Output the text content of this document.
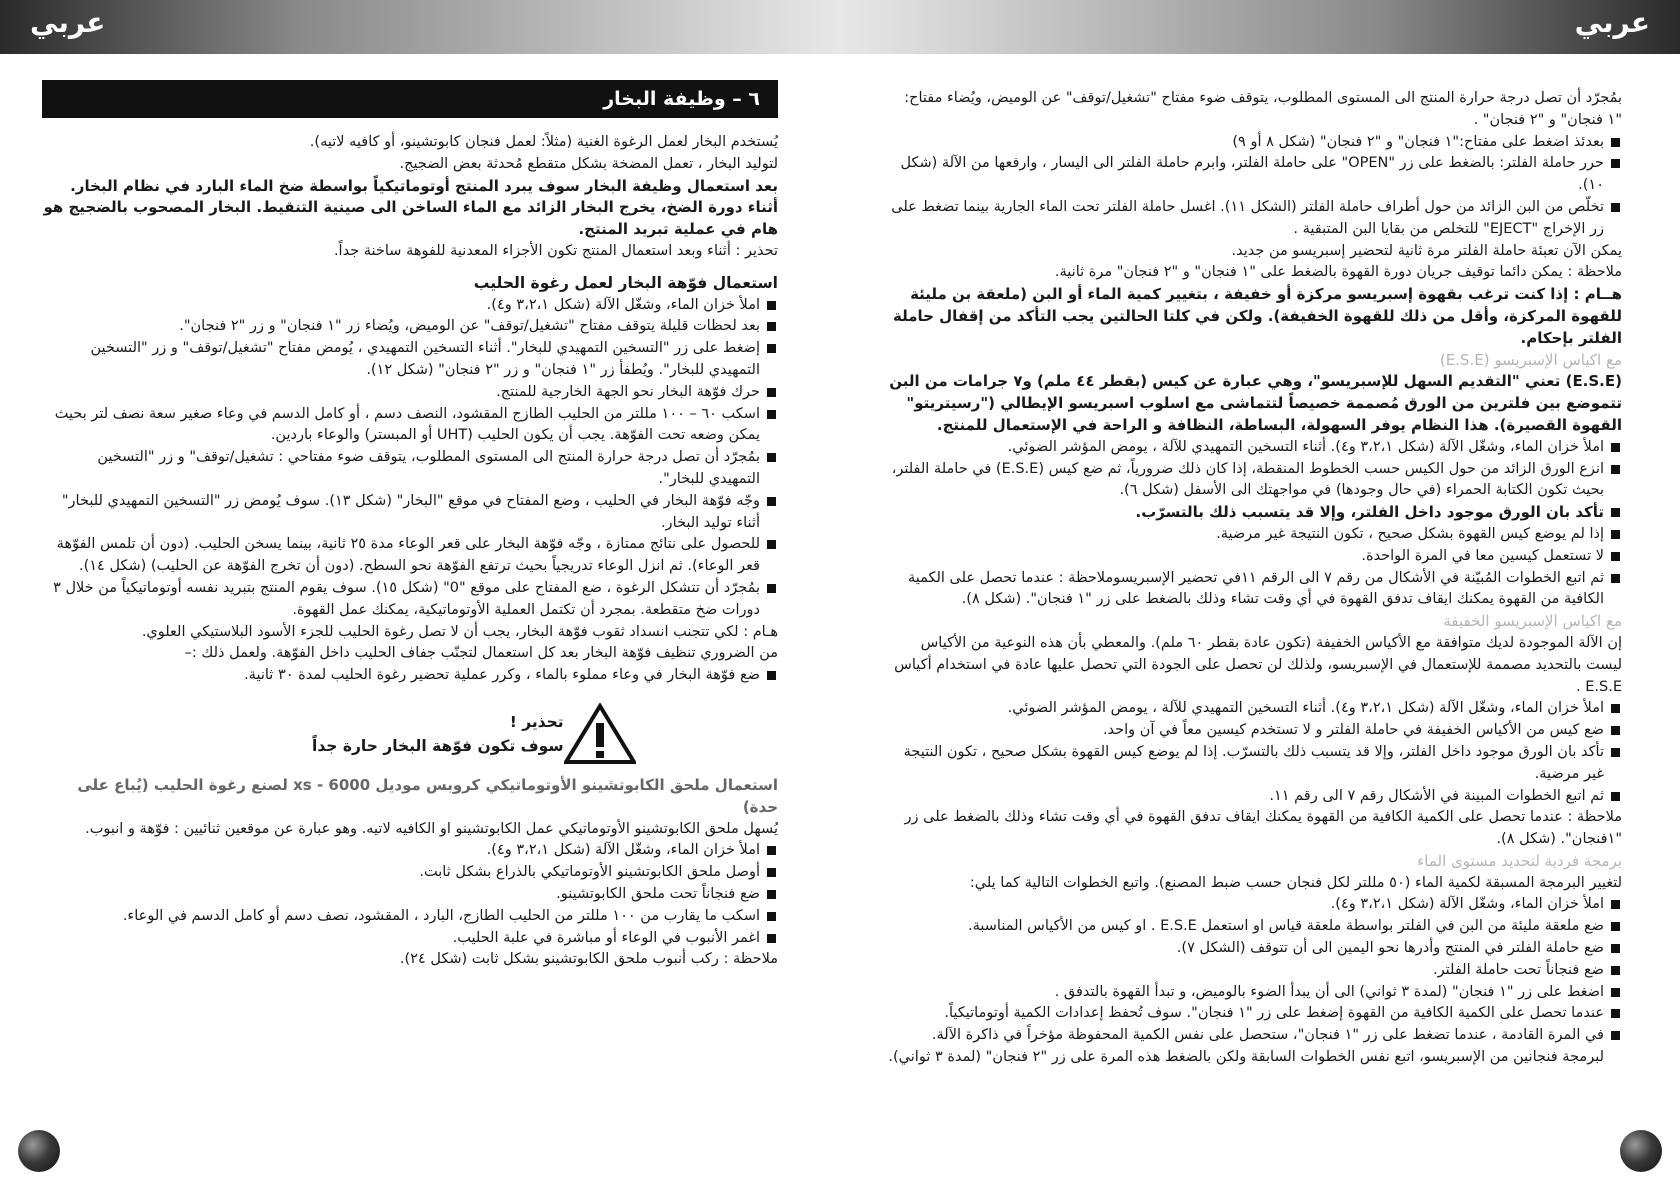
عربي	عربي
٦ – وظيفة البخار

يُستخدم البخار لعمل الرغوة الغنية (مثلاً: لعمل فنجان كابوتشينو، أو كافيه لاتيه).

لتوليد البخار ، تعمل المضخة بشكل متقطع مُحدثة بعض الضجيج.

بعد استعمال وظيفة البخار سوف يبرد المنتج أوتوماتيكياً بواسطة ضخ الماء البارد في نظام البخار. أثناء دورة الضخ، يخرج البخار الزائد مع الماء الساخن الى صينية التنقيط. البخار المصحوب بالضجيج هو هام في عملية تبريد المنتج.

تحذير : أثناء وبعد استعمال المنتج تكون الأجزاء المعدنية للفوهة ساخنة جداً.

استعمال فوّهة البخار لعمل رغوة الحليب

املأ خزان الماء، وشغّل الآلة (شكل ٣،٢،١ و٤).

بعد لحظات قليلة يتوقف مفتاح "تشغيل/توقف" عن الوميض، ويُضاء زر "١ فنجان" و زر "٢ فنجان".

إضغط على زر "التسخين التمهيدي للبخار". أثناء التسخين التمهيدي ، يُومض مفتاح "تشغيل/توقف" و زر "التسخين التمهيدي للبخار". ويُطفأ زر "١ فنجان" و زر "٢ فنجان" (شكل ١٢).

حرك فوّهة البخار نحو الجهة الخارجية للمنتج.

اسكب ٦٠ – ١٠٠ مللتر من الحليب الطازج المقشود، النصف دسم ، أو كامل الدسم في وعاء صغير سعة نصف لتر بحيث يمكن وضعه تحت الفوّهة. يجب أن يكون الحليب (UHT أو المبستر) والوعاء باردين.

بمُجرّد أن تصل درجة حرارة المنتج الى المستوى المطلوب، يتوقف ضوء مفتاحي : تشغيل/توقف" و زر "التسخين التمهيدي للبخار".

وجّه فوّهة البخار في الحليب ، وضع المفتاح في موقع "البخار" (شكل ١٣). سوف يُومض زر "التسخين التمهيدي للبخار" أثناء توليد البخار.

للحصول على نتائج ممتازة ، وجّه فوّهة البخار على قعر الوعاء مدة ٢٥ ثانية، بينما يسخن الحليب. (دون أن تلمس الفوّهة قعر الوعاء). ثم انزل الوعاء تدريجياً بحيث ترتفع الفوّهة نحو السطح. (دون أن تخرج الفوّهة عن الحليب) (شكل ١٤).

بمُجرّد أن تتشكل الرغوة ، ضع المفتاح على موقع "0" (شكل ١٥). سوف يقوم المنتج بتبريد نفسه أوتوماتيكياً من خلال ٣ دورات ضخ متقطعة. بمجرد أن تكتمل العملية الأوتوماتيكية، يمكنك عمل القهوة.

هـام : لكي تتجنب انسداد ثقوب فوّهة البخار، يجب أن لا تصل رغوة الحليب للجزء الأسود البلاستيكي العلوي.

من الضروري تنظيف فوّهة البخار بعد كل استعمال لتجنّب جفاف الحليب داخل الفوّهة. ولعمل ذلك :–

ضع فوّهة البخار في وعاء مملوء بالماء ، وكرر عملية تحضير رغوة الحليب لمدة ٣٠ ثانية.

تحذير !
سوف تكون فوّهة البخار حارة جداً

استعمال ملحق الكابوتشينو الأوتوماتيكي كروبس موديل xs - 6000 لصنع رغوة الحليب (يُباع على حدة)

يُسهل ملحق الكابوتشينو الأوتوماتيكي عمل الكابوتشينو او الكافيه لاتيه. وهو عبارة عن موقعين ثنائيين : فوّهة و انبوب.

املأ خزان الماء، وشغّل الآلة (شكل ٣،٢،١ و٤).

أوصل ملحق الكابوتشينو الأوتوماتيكي بالذراع بشكل ثابت.

ضع فنجاناً تحت ملحق الكابوتشينو.

اسكب ما يقارب من ١٠٠ مللتر من الحليب الطازج، البارد ، المقشود، نصف دسم أو كامل الدسم في الوعاء.

اغمر الأنبوب في الوعاء أو مباشرة في علبة الحليب.

ملاحظة : ركب أنبوب ملحق الكابوتشينو بشكل ثابت (شكل ٢٤).

بمُجرّد أن تصل درجة حرارة المنتج الى المستوى المطلوب، يتوقف ضوء مفتاح "تشغيل/توقف" عن الوميض، ويُضاء مفتاح: "١ فنجان" و "٢ فنجان" .

بعدئذ اضغط على مفتاح:"١ فنجان" و "٢ فنجان" (شكل ٨ أو ٩)

حرر حاملة الفلتر: بالضغط على زر "OPEN" على حاملة الفلتر، وابرم حاملة الفلتر الى اليسار ، وارفعها من الآلة (شكل ١٠).

تخلّص من البن الزائد من حول أطراف حاملة الفلتر (الشكل ١١). اغسل حاملة الفلتر تحت الماء الجارية بينما تضغط على زر الإخراج "EJECT" للتخلص من بقايا البن المتبقية .

يمكن الآن تعبئة حاملة الفلتر مرة ثانية لتحضير إسبريسو من جديد.

ملاحظة : يمكن دائما توقيف جريان دورة القهوة بالضغط على "١ فنجان" و "٢ فنجان" مرة ثانية.

هــام : إذا كنت ترغب بقهوة إسبريسو مركزة أو خفيفة ، بتغيير كمية الماء أو البن (ملعقة بن مليئة للقهوة المركزة، وأقل من ذلك للقهوة الخفيفة). ولكن في كلتا الحالتين يجب التأكد من إقفال حاملة الفلتر بإحكام.

مع اكياس الإسبريسو (E.S.E)

(E.S.E) تعني "التقديم السهل للإسبريسو"، وهي عبارة عن كيس (بقطر ٤٤ ملم) و٧ جرامات من البن تتموضع بين فلترين من الورق مُصممة خصيصاً لتتماشى مع اسلوب اسبريسو الإيطالي ("رسيتريتو" القهوة القصيرة). هذا النظام يوفر السهولة، البساطة، النظافة و الراحة في الإستعمال للمنتج.

املأ خزان الماء، وشغّل الآلة (شكل ٣،٢،١ و٤). أثناء التسخين التمهيدي للآلة ، يومض المؤشر الضوئي.

انزع الورق الزائد من حول الكيس حسب الخطوط المنقطة، إذا كان ذلك ضرورياً، ثم ضع كيس (E.S.E) في حاملة الفلتر، بحيث تكون الكتابة الحمراء (في حال وجودها) في مواجهتك الى الأسفل (شكل ٦).

تأكد بان الورق موجود داخل الفلتر، وإلا قد يتسبب ذلك بالتسرّب.

إذا لم يوضع كيس القهوة بشكل صحيح ، تكون النتيجة غير مرضية.

لا تستعمل كيسين معا في المرة الواحدة.

ثم اتبع الخطوات المُبيّنة في الأشكال من رقم ٧ الى الرقم ١١في تحضير الإسبريسوملاحظة : عندما تحصل على الكمية الكافية من القهوة يمكنك ايقاف تدفق القهوة في أي وقت تشاء وذلك بالضغط على زر "١ فنجان". (شكل ٨).

مع اكياس الإسبريسو الخفيفة

إن الآلة الموجودة لديك متوافقة مع الأكياس الخفيفة (تكون عادة بقطر ٦٠ ملم). والمعطي بأن هذه النوعية من الأكياس ليست بالتحديد مصممة للإستعمال في الإسبريسو، ولذلك لن تحصل على الجودة التي تحصل عليها عادة في استخدام أكياس E.S.E .

املأ خزان الماء، وشغّل الآلة (شكل ٣،٢،١ و٤). أثناء التسخين التمهيدي للآلة ، يومض المؤشر الضوئي.

ضع كيس من الأكياس الخفيفة في حاملة الفلتر و لا تستخدم كيسين معاً في آن واحد.

تأكد بان الورق موجود داخل الفلتر، وإلا قد يتسبب ذلك بالتسرّب. إذا لم يوضع كيس القهوة بشكل صحيح ، تكون النتيجة غير مرضية.

ثم اتبع الخطوات المبينة في الأشكال رقم ٧ الى رقم ١١.

ملاحظة : عندما تحصل على الكمية الكافية من القهوة يمكنك ايقاف تدفق القهوة في أي وقت تشاء وذلك بالضغط على زر "١فنجان". (شكل ٨).

برمجة فردية لتحديد مستوى الماء

لتغيير البرمجة المسبقة لكمية الماء (٥٠ مللتر لكل فنجان حسب ضبط المصنع). واتبع الخطوات التالية كما يلي:

املأ خزان الماء، وشغّل الآلة (شكل ٣،٢،١ و٤).

ضع ملعقة مليئة من البن في الفلتر بواسطة ملعقة قياس او استعمل E.S.E . او كيس من الأكياس المناسبة.

ضع حاملة الفلتر في المنتج وأدرها نحو اليمين الى أن تتوقف (الشكل ٧).

ضع فنجاناً تحت حاملة الفلتر.

اضغط على زر "١ فنجان" (لمدة ٣ ثواني) الى أن يبدأ الضوء بالوميض، و تبدأ القهوة بالتدفق .

عندما تحصل على الكمية الكافية من القهوة إضغط على زر "١ فنجان". سوف تُحفظ إعدادات الكمية أوتوماتيكياً.

في المرة القادمة ، عندما تضغط على زر "١ فنجان"، ستحصل على نفس الكمية المحفوظة مؤخراً في ذاكرة الآلة. لبرمجة فنجانين من الإسبريسو، اتبع نفس الخطوات السابقة ولكن بالضغط هذه المرة على زر "٢ فنجان" (لمدة ٣ ثواني).
